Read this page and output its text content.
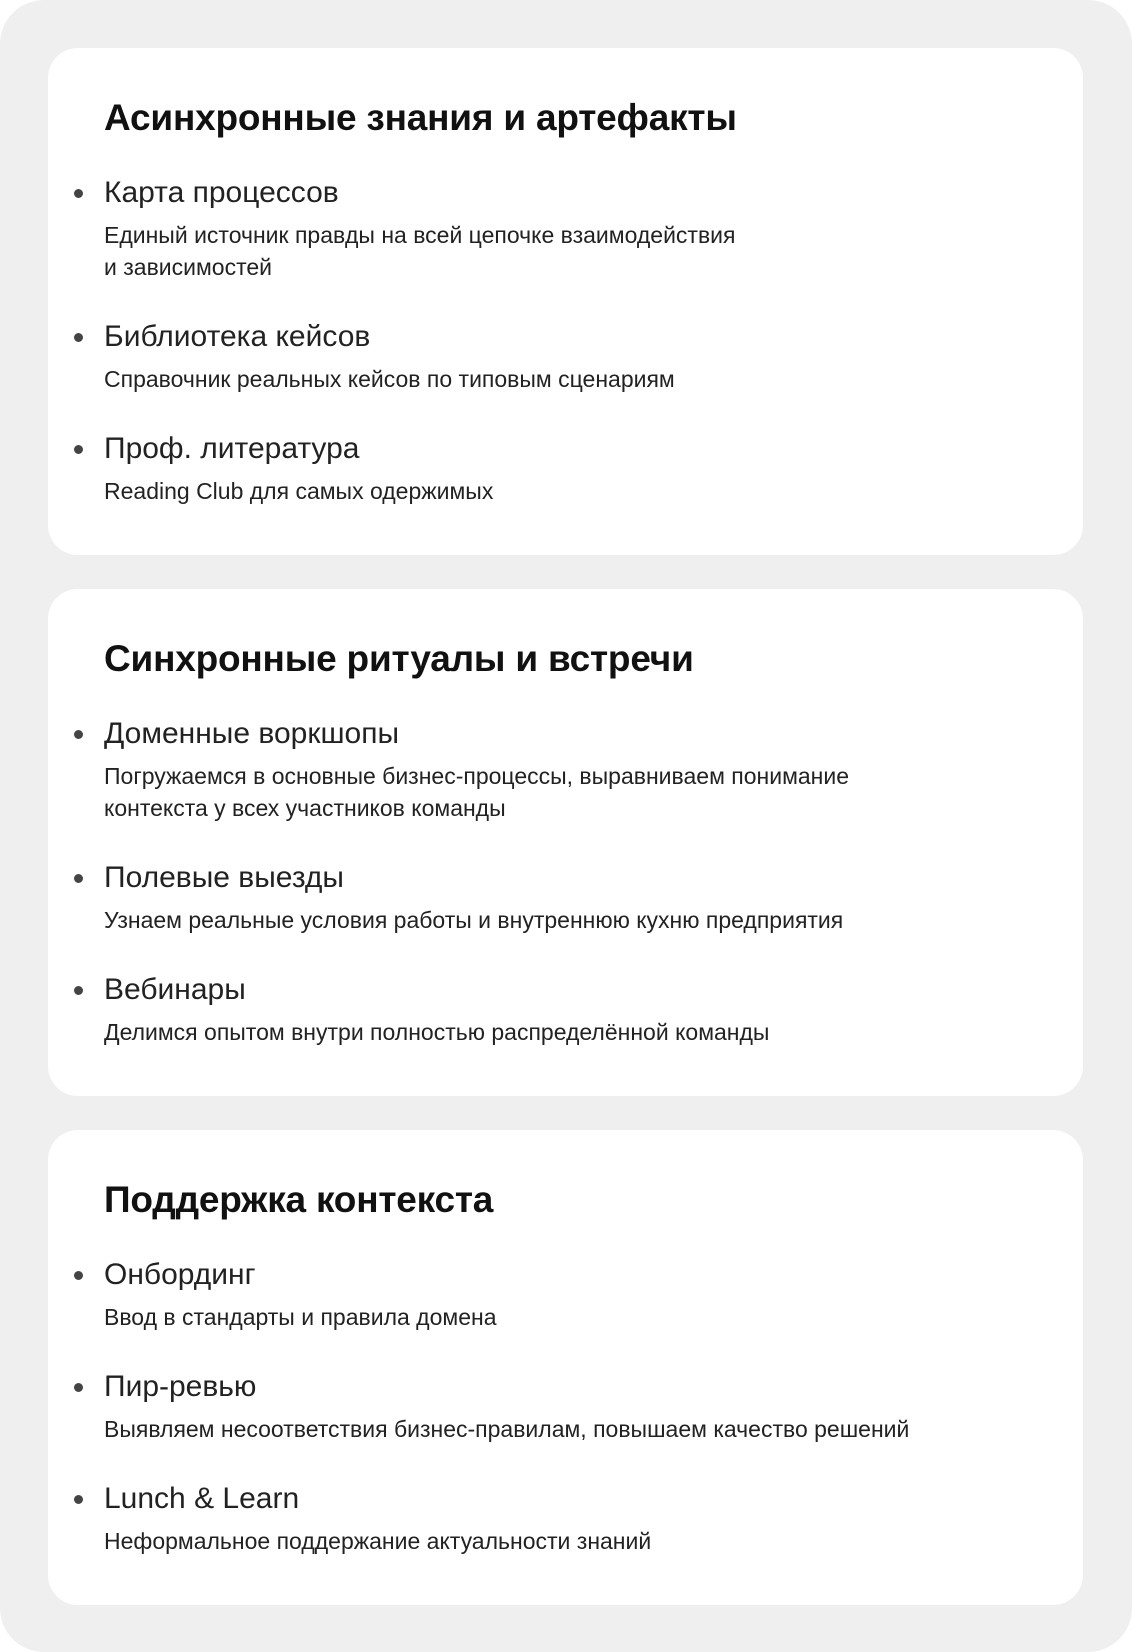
Асинхронные знания и артефакты
Карта процессов
Единый источник правды на всей цепочке взаимодействия
и зависимостей
Библиотека кейсов
Справочник реальных кейсов по типовым сценариям
Проф. литература
Reading Club для самых одержимых
Синхронные ритуалы и встречи
Доменные воркшопы
Погружаемся в основные бизнес-процессы, выравниваем понимание
контекста у всех участников команды
Полевые выезды
Узнаем реальные условия работы и внутреннюю кухню предприятия
Вебинары
Делимся опытом внутри полностью распределённой команды
Поддержка контекста
Онбординг
Ввод в стандарты и правила домена
Пир-ревью
Выявляем несоответствия бизнес-правилам, повышаем качество решений
Lunch & Learn
Неформальное поддержание актуальности знаний
